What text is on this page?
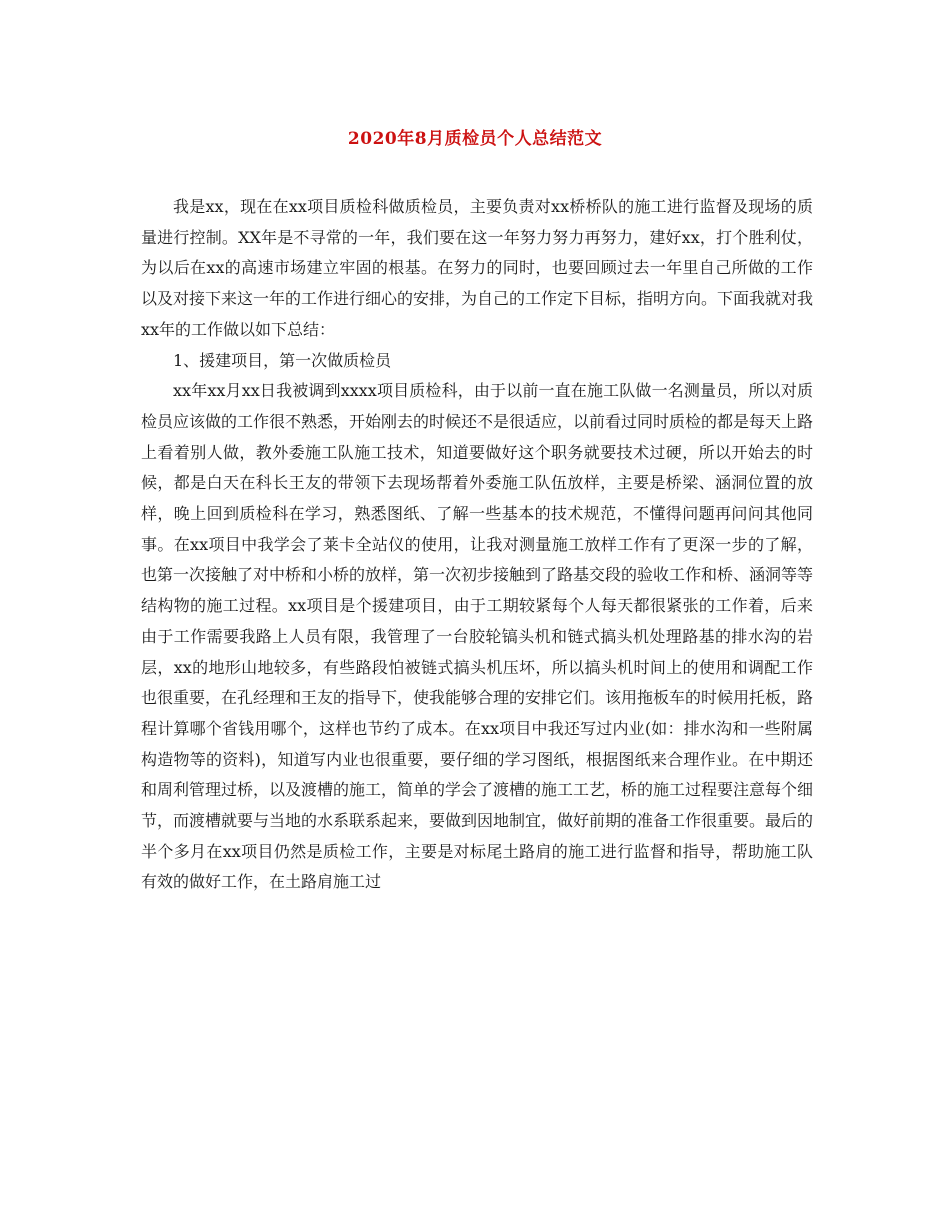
2020年8月质检员个人总结范文

我是xx，现在在xx项目质检科做质检员，主要负责对xx桥桥队的施工进行监督及现场的质量进行控制。XX年是不寻常的一年，我们要在这一年努力努力再努力，建好xx，打个胜利仗，为以后在xx的高速市场建立牢固的根基。在努力的同时，也要回顾过去一年里自己所做的工作以及对接下来这一年的工作进行细心的安排，为自己的工作定下目标，指明方向。下面我就对我xx年的工作做以如下总结：

1、援建项目，第一次做质检员

xx年xx月xx日我被调到xxxx项目质检科，由于以前一直在施工队做一名测量员，所以对质检员应该做的工作很不熟悉，开始刚去的时候还不是很适应，以前看过同时质检的都是每天上路上看着别人做，教外委施工队施工技术，知道要做好这个职务就要技术过硬，所以开始去的时候，都是白天在科长王友的带领下去现场帮着外委施工队伍放样，主要是桥梁、涵洞位置的放样，晚上回到质检科在学习，熟悉图纸、了解一些基本的技术规范，不懂得问题再问问其他同事。在xx项目中我学会了莱卡全站仪的使用，让我对测量施工放样工作有了更深一步的了解，也第一次接触了对中桥和小桥的放样，第一次初步接触到了路基交段的验收工作和桥、涵洞等等结构物的施工过程。xx项目是个援建项目，由于工期较紧每个人每天都很紧张的工作着，后来由于工作需要我路上人员有限，我管理了一台胶轮镐头机和链式搞头机处理路基的排水沟的岩层，xx的地形山地较多，有些路段怕被链式搞头机压坏，所以搞头机时间上的使用和调配工作也很重要，在孔经理和王友的指导下，使我能够合理的安排它们。该用拖板车的时候用托板，路程计算哪个省钱用哪个，这样也节约了成本。在xx项目中我还写过内业(如：排水沟和一些附属构造物等的资料)，知道写内业也很重要，要仔细的学习图纸，根据图纸来合理作业。在中期还和周利管理过桥，以及渡槽的施工，简单的学会了渡槽的施工工艺，桥的施工过程要注意每个细节，而渡槽就要与当地的水系联系起来，要做到因地制宜，做好前期的准备工作很重要。最后的半个多月在xx项目仍然是质检工作，主要是对标尾土路肩的施工进行监督和指导，帮助施工队有效的做好工作，在土路肩施工过
